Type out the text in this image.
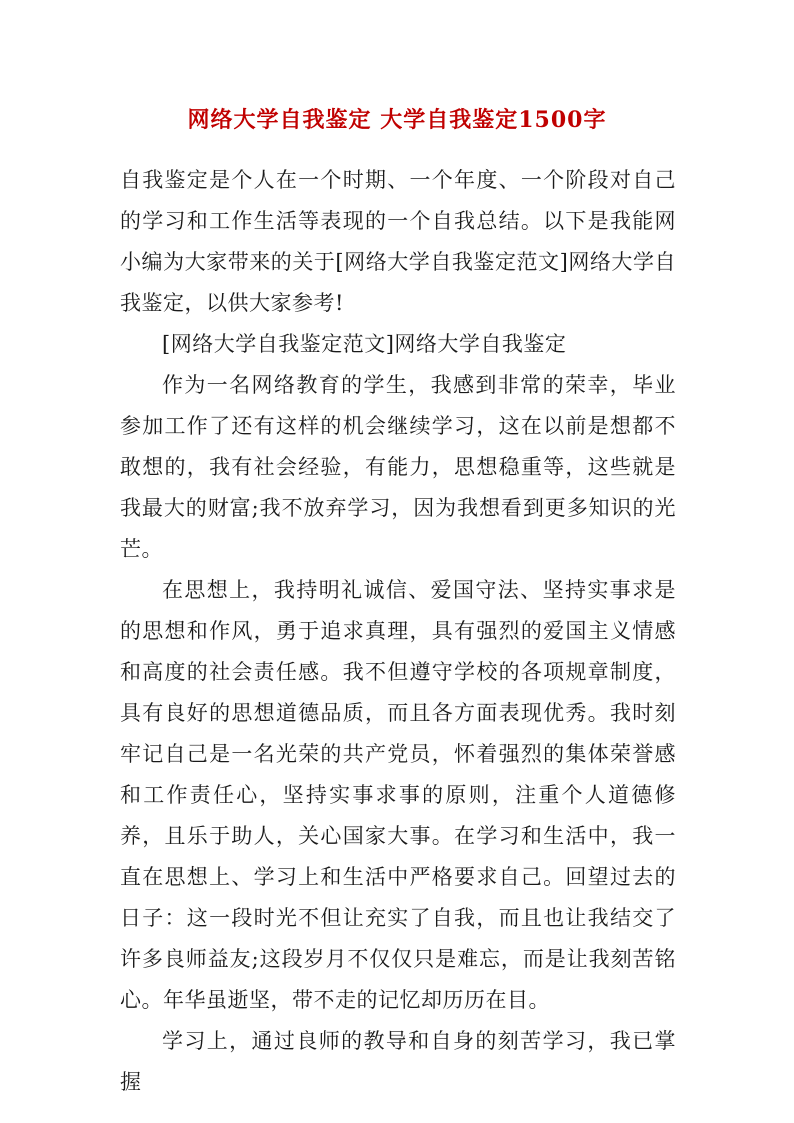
网络大学自我鉴定 大学自我鉴定1500字

自我鉴定是个人在一个时期、一个年度、一个阶段对自己的学习和工作生活等表现的一个自我总结。以下是我能网小编为大家带来的关于[网络大学自我鉴定范文]网络大学自我鉴定，以供大家参考!

[网络大学自我鉴定范文]网络大学自我鉴定

作为一名网络教育的学生，我感到非常的荣幸，毕业参加工作了还有这样的机会继续学习，这在以前是想都不敢想的，我有社会经验，有能力，思想稳重等，这些就是我最大的财富;我不放弃学习，因为我想看到更多知识的光芒。

在思想上，我持明礼诚信、爱国守法、坚持实事求是的思想和作风，勇于追求真理，具有强烈的爱国主义情感和高度的社会责任感。我不但遵守学校的各项规章制度，具有良好的思想道德品质，而且各方面表现优秀。我时刻牢记自己是一名光荣的共产党员，怀着强烈的集体荣誉感和工作责任心，坚持实事求事的原则，注重个人道德修养，且乐于助人，关心国家大事。在学习和生活中，我一直在思想上、学习上和生活中严格要求自己。回望过去的日子：这一段时光不但让充实了自我，而且也让我结交了许多良师益友;这段岁月不仅仅只是难忘，而是让我刻苦铭心。年华虽逝坚，带不走的记忆却历历在目。

学习上，通过良师的教导和自身的刻苦学习，我已掌握
